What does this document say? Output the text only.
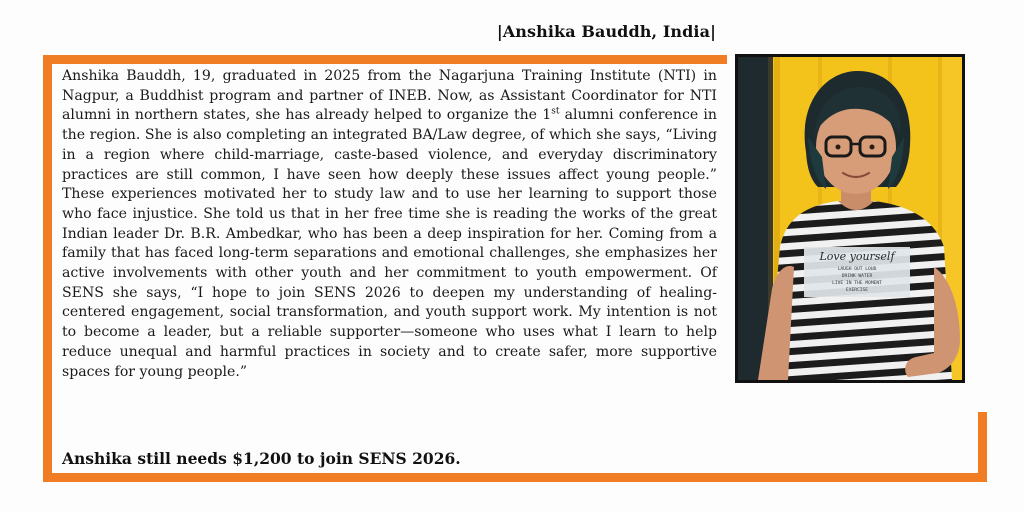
|Anshika Bauddh, India|

Anshika Bauddh, 19, graduated in 2025 from the Nagarjuna Training Institute (NTI) in Nagpur, a Buddhist program and partner of INEB. Now, as Assistant Coordinator for NTI alumni in northern states, she has already helped to organize the 1st alumni conference in the region. She is also completing an integrated BA/Law degree, of which she says, “Living in a region where child-marriage, caste-based violence, and everyday discriminatory practices are still common, I have seen how deeply these issues affect young people.” These experiences motivated her to study law and to use her learning to support those who face injustice. She told us that in her free time she is reading the works of the great Indian leader Dr. B.R. Ambedkar, who has been a deep inspiration for her. Coming from a family that has faced long-term separations and emotional challenges, she emphasizes her active involvements with other youth and her commitment to youth empowerment. Of SENS she says, “I hope to join SENS 2026 to deepen my understanding of healing-centered engagement, social transformation, and youth support work. My intention is not to become a leader, but a reliable supporter—someone who uses what I learn to help reduce unequal and harmful practices in society and to create safer, more supportive spaces for young people.”

Anshika still needs $1,200 to join SENS 2026.
Love yourself
LAUGH OUT LOUD
DRINK WATER
LIVE IN THE MOMENT
EXERCISE
